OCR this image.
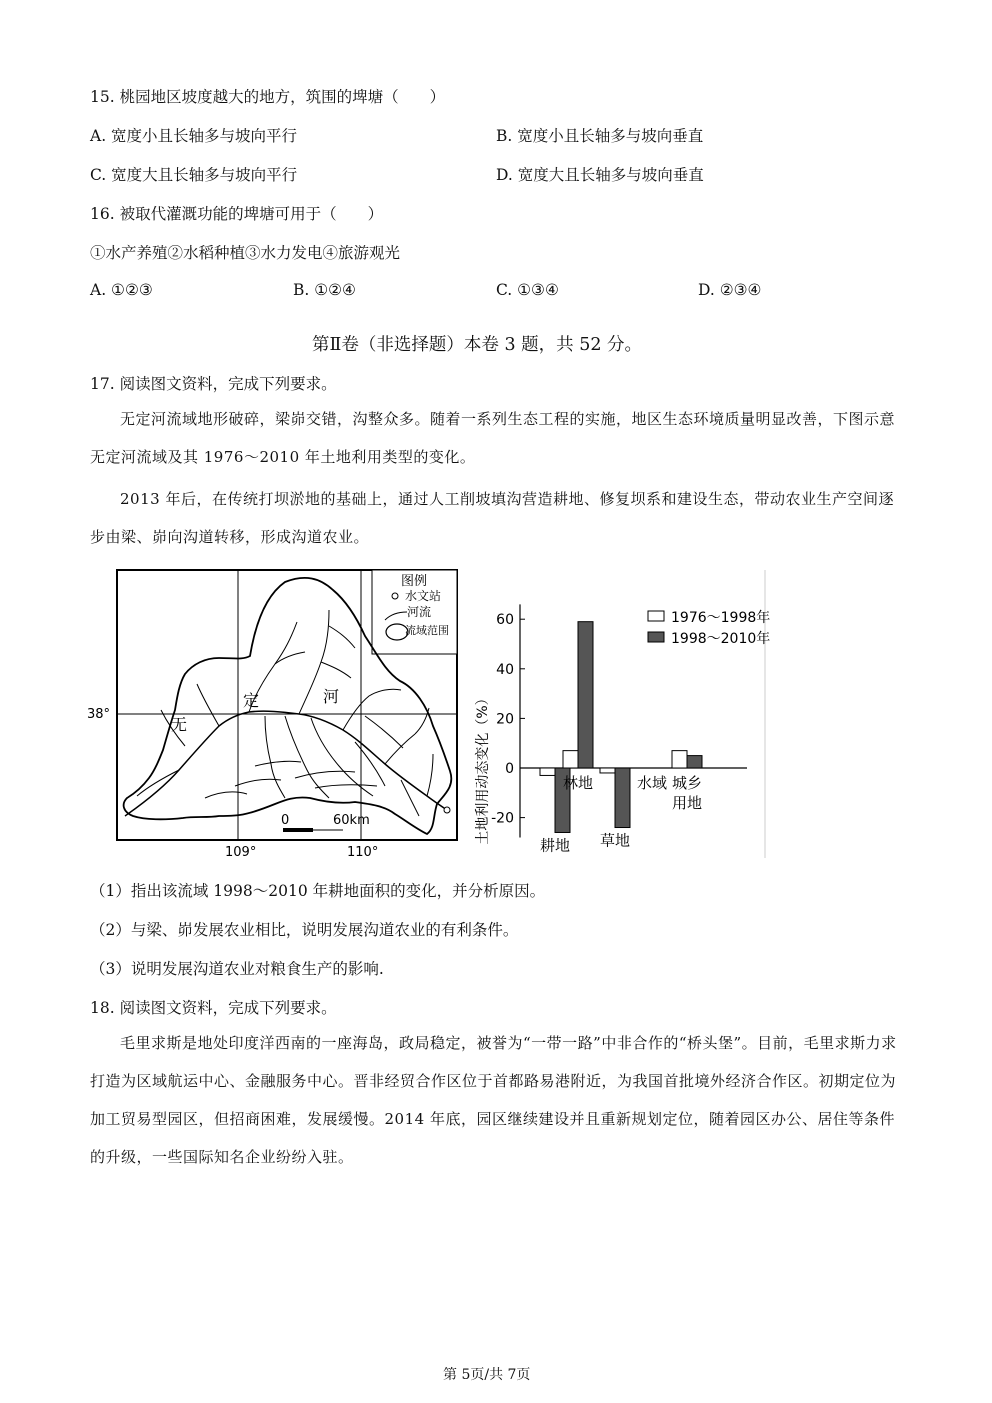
15. 桃园地区坡度越大的地方，筑围的埤塘（　　）
A. 宽度小且长轴多与坡向平行	B. 宽度小且长轴多与坡向垂直
C. 宽度大且长轴多与坡向平行	D. 宽度大且长轴多与坡向垂直
16. 被取代灌溉功能的埤塘可用于（　　）
①水产养殖②水稻种植③水力发电④旅游观光
A. ①②③	B. ①②④	C. ①③④	D. ②③④
第Ⅱ卷（非选择题）本卷 3 题，共 52 分。
17. 阅读图文资料，完成下列要求。
无定河流域地形破碎，梁峁交错，沟整众多。随着一系列生态工程的实施，地区生态环境质量明显改善，下图示意无定河流域及其 1976～2010 年土地利用类型的变化。
2013 年后，在传统打坝淤地的基础上，通过人工削坡填沟营造耕地、修复坝系和建设生态，带动农业生产空间逐步由梁、峁向沟道转移，形成沟道农业。
无
定	河
图例
水文站
河流
流域范围
0	60km
38°
109°	110°
土地利用动态变化（%）
60
40
20
0
-20
耕地
林地
草地
水域 城乡
用地
1976～1998年
1998～2010年
（1）指出该流域 1998～2010 年耕地面积的变化，并分析原因。
（2）与梁、峁发展农业相比，说明发展沟道农业的有利条件。
（3）说明发展沟道农业对粮食生产的影响.
18. 阅读图文资料，完成下列要求。
毛里求斯是地处印度洋西南的一座海岛，政局稳定，被誉为“一带一路”中非合作的“桥头堡”。目前，毛里求斯力求打造为区域航运中心、金融服务中心。晋非经贸合作区位于首都路易港附近，为我国首批境外经济合作区。初期定位为加工贸易型园区，但招商困难，发展缓慢。2014 年底，园区继续建设并且重新规划定位，随着园区办公、居住等条件的升级，一些国际知名企业纷纷入驻。
第 5页/共 7页
